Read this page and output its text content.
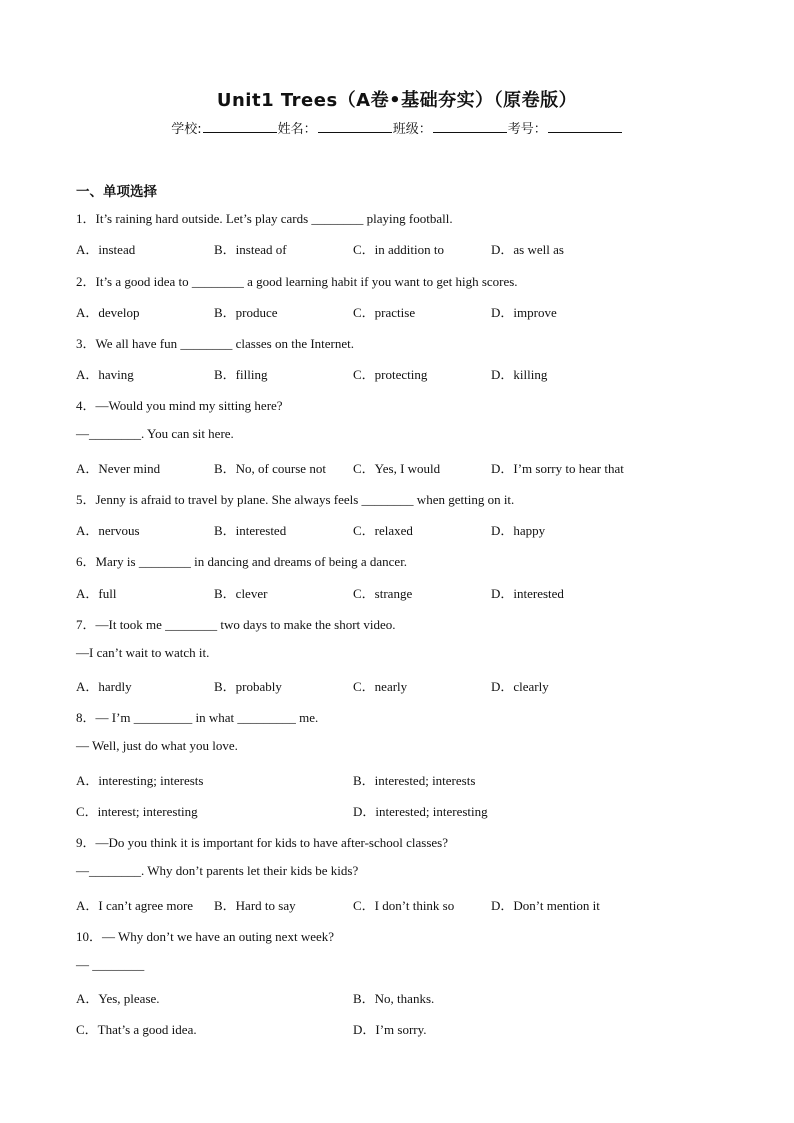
Unit1 Trees（A卷•基础夯实）（原卷版）
学校:	姓名：	班级：	考号：
一、单项选择
1．It’s raining hard outside. Let’s play cards ________ playing football.
A．instead	B．instead of	C．in addition to	D．as well as
2．It’s a good idea to ________ a good learning habit if you want to get high scores.
A．develop	B．produce	C．practise	D．improve
3．We all have fun ________ classes on the Internet.
A．having	B．filling	C．protecting	D．killing
4．—Would you mind my sitting here?
—________. You can sit here.
A．Never mind	B．No, of course not C．Yes, I would	D．I’m sorry to hear that
5．Jenny is afraid to travel by plane. She always feels ________ when getting on it.
A．nervous	B．interested	C．relaxed	D．happy
6．Mary is ________ in dancing and dreams of being a dancer.
A．full	B．clever	C．strange	D．interested
7．—It took me ________ two days to make the short video.
—I can’t wait to watch it.
A．hardly	B．probably	C．nearly	D．clearly
8．— I’m _________ in what _________ me.
— Well, just do what you love.
A．interesting; interests	B．interested; interests
C．interest; interesting	D．interested; interesting
9．—Do you think it is important for kids to have after-school classes?
—________. Why don’t parents let their kids be kids?
A．I can’t agree more B．Hard to say	C．I don’t think so	D．Don’t mention it
10．— Why don’t we have an outing next week?
— ________
A．Yes, please.	B．No, thanks.
C．That’s a good idea.	D．I’m sorry.
